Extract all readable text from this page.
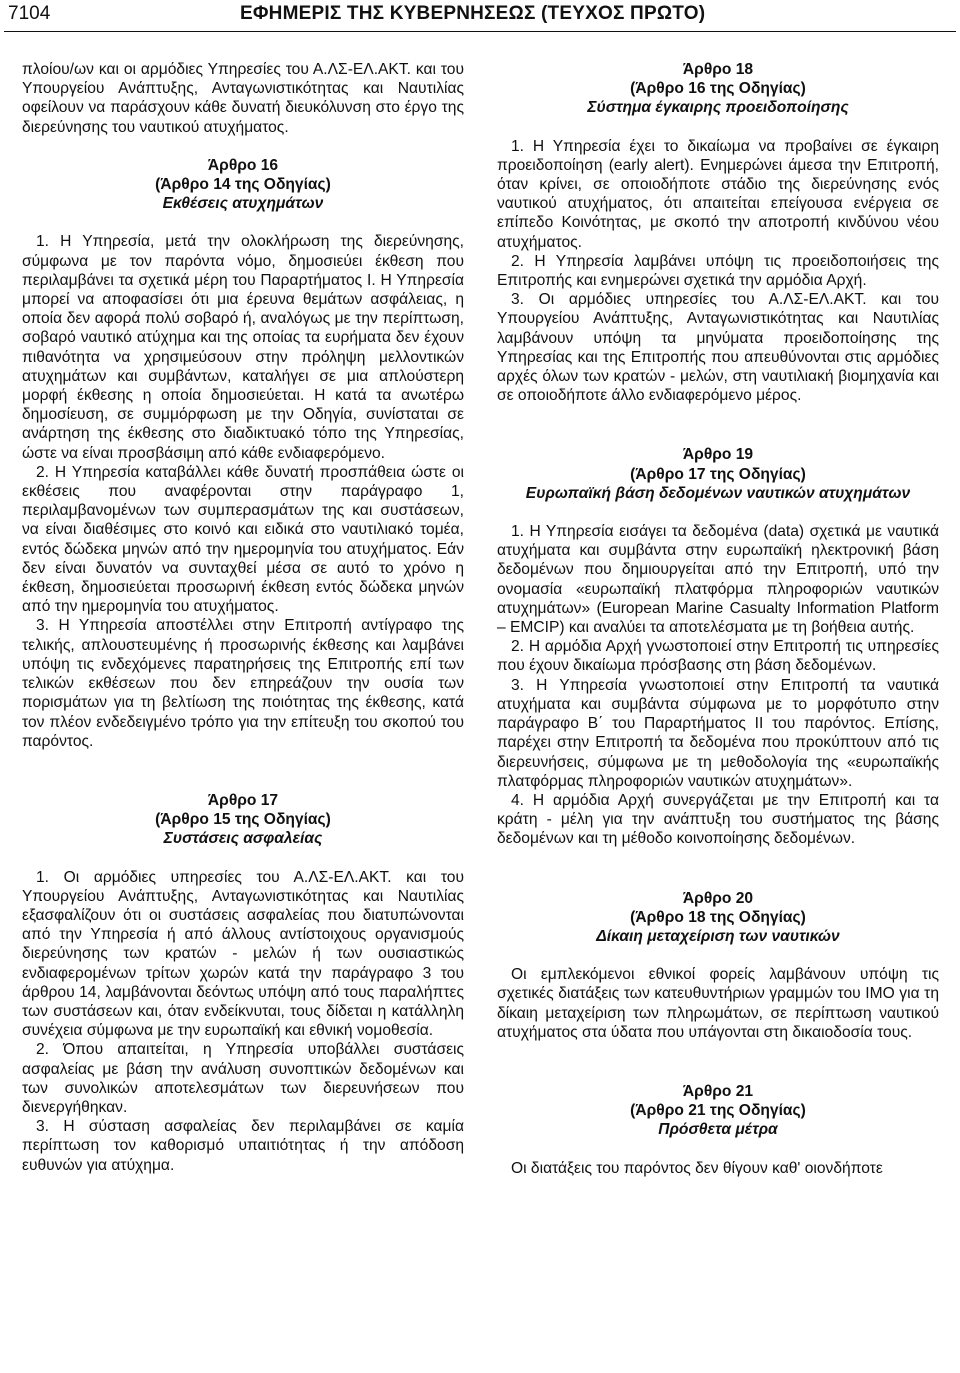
7104	ΕΦΗΜΕΡΙΣ ΤΗΣ ΚΥΒΕΡΝΗΣΕΩΣ (ΤΕΥΧΟΣ ΠΡΩΤΟ)

πλοίου/ων και οι αρμόδιες Υπηρεσίες του Α.ΛΣ-ΕΛ.ΑΚΤ. και του Υπουργείου Ανάπτυξης, Ανταγωνιστικότητας και Ναυτιλίας οφείλουν να παράσχουν κάθε δυνατή διευκόλυνση στο έργο της διερεύνησης του ναυτικού ατυχήματος.

Άρθρο 16
(Άρθρο 14 της Οδηγίας)
Εκθέσεις ατυχημάτων

1. Η Υπηρεσία, μετά την ολοκλήρωση της διερεύνησης, σύμφωνα με τον παρόντα νόμο, δημοσιεύει έκθεση που περιλαμβάνει τα σχετικά μέρη του Παραρτήματος Ι. Η Υπηρεσία μπορεί να αποφασίσει ότι μια έρευνα θεμάτων ασφάλειας, η οποία δεν αφορά πολύ σοβαρό ή, αναλόγως με την περίπτωση, σοβαρό ναυτικό ατύχημα και της οποίας τα ευρήματα δεν έχουν πιθανότητα να χρησιμεύσουν στην πρόληψη μελλοντικών ατυχημάτων και συμβάντων, καταλήγει σε μια απλούστερη μορφή έκθεσης η οποία δημοσιεύεται. Η κατά τα ανωτέρω δημοσίευση, σε συμμόρφωση με την Οδηγία, συνίσταται σε ανάρτηση της έκθεσης στο διαδικτυακό τόπο της Υπηρεσίας, ώστε να είναι προσβάσιμη από κάθε ενδιαφερόμενο.

2. Η Υπηρεσία καταβάλλει κάθε δυνατή προσπάθεια ώστε οι εκθέσεις που αναφέρονται στην παράγραφο 1, περιλαμβανομένων των συμπερασμάτων της και συστάσεων, να είναι διαθέσιμες στο κοινό και ειδικά στο ναυτιλιακό τομέα, εντός δώδεκα μηνών από την ημερομηνία του ατυχήματος. Εάν δεν είναι δυνατόν να συνταχθεί μέσα σε αυτό το χρόνο η έκθεση, δημοσιεύεται προσωρινή έκθεση εντός δώδεκα μηνών από την ημερομηνία του ατυχήματος.

3. Η Υπηρεσία αποστέλλει στην Επιτροπή αντίγραφο της τελικής, απλουστευμένης ή προσωρινής έκθεσης και λαμβάνει υπόψη τις ενδεχόμενες παρατηρήσεις της Επιτροπής επί των τελικών εκθέσεων που δεν επηρεάζουν την ουσία των πορισμάτων για τη βελτίωση της ποιότητας της έκθεσης, κατά τον πλέον ενδεδειγμένο τρόπο για την επίτευξη του σκοπού του παρόντος.

Άρθρο 17
(Άρθρο 15 της Οδηγίας)
Συστάσεις ασφαλείας

1. Οι αρμόδιες υπηρεσίες του Α.ΛΣ-ΕΛ.ΑΚΤ. και του Υπουργείου Ανάπτυξης, Ανταγωνιστικότητας και Ναυτιλίας εξασφαλίζουν ότι οι συστάσεις ασφαλείας που διατυπώνονται από την Υπηρεσία ή από άλλους αντίστοιχους οργανισμούς διερεύνησης των κρατών - μελών ή των ουσιαστικώς ενδιαφερομένων τρίτων χωρών κατά την παράγραφο 3 του άρθρου 14, λαμβάνονται δεόντως υπόψη από τους παραλήπτες των συστάσεων και, όταν ενδείκνυται, τους δίδεται η κατάλληλη συνέχεια σύμφωνα με την ευρωπαϊκή και εθνική νομοθεσία.

2. Όπου απαιτείται, η Υπηρεσία υποβάλλει συστάσεις ασφαλείας με βάση την ανάλυση συνοπτικών δεδομένων και των συνολικών αποτελεσμάτων των διερευνήσεων που διενεργήθηκαν.

3. Η σύσταση ασφαλείας δεν περιλαμβάνει σε καμία περίπτωση τον καθορισμό υπαιτιότητας ή την απόδοση ευθυνών για ατύχημα.

Άρθρο 18
(Άρθρο 16 της Οδηγίας)
Σύστημα έγκαιρης προειδοποίησης

1. Η Υπηρεσία έχει το δικαίωμα να προβαίνει σε έγκαιρη προειδοποίηση (early alert). Ενημερώνει άμεσα την Επιτροπή, όταν κρίνει, σε οποιοδήποτε στάδιο της διερεύνησης ενός ναυτικού ατυχήματος, ότι απαιτείται επείγουσα ενέργεια σε επίπεδο Κοινότητας, με σκοπό την αποτροπή κινδύνου νέου ατυχήματος.

2. Η Υπηρεσία λαμβάνει υπόψη τις προειδοποιήσεις της Επιτροπής και ενημερώνει σχετικά την αρμόδια Αρχή.

3. Οι αρμόδιες υπηρεσίες του Α.ΛΣ-ΕΛ.ΑΚΤ. και του Υπουργείου Ανάπτυξης, Ανταγωνιστικότητας και Ναυτιλίας λαμβάνουν υπόψη τα μηνύματα προειδοποίησης της Υπηρεσίας και της Επιτροπής που απευθύνονται στις αρμόδιες αρχές όλων των κρατών - μελών, στη ναυτιλιακή βιομηχανία και σε οποιοδήποτε άλλο ενδιαφερόμενο μέρος.

Άρθρο 19
(Άρθρο 17 της Οδηγίας)
Ευρωπαϊκή βάση δεδομένων ναυτικών ατυχημάτων

1. Η Υπηρεσία εισάγει τα δεδομένα (data) σχετικά με ναυτικά ατυχήματα και συμβάντα στην ευρωπαϊκή ηλεκτρονική βάση δεδομένων που δημιουργείται από την Επιτροπή, υπό την ονομασία «ευρωπαϊκή πλατφόρμα πληροφοριών ναυτικών ατυχημάτων» (European Marine Casualty Information Platform – EMCIP) και αναλύει τα αποτελέσματα με τη βοήθεια αυτής.

2. Η αρμόδια Αρχή γνωστοποιεί στην Επιτροπή τις υπηρεσίες που έχουν δικαίωμα πρόσβασης στη βάση δεδομένων.

3. Η Υπηρεσία γνωστοποιεί στην Επιτροπή τα ναυτικά ατυχήματα και συμβάντα σύμφωνα με το μορφότυπο στην παράγραφο Β΄ του Παραρτήματος ΙΙ του παρόντος. Επίσης, παρέχει στην Επιτροπή τα δεδομένα που προκύπτουν από τις διερευνήσεις, σύμφωνα με τη μεθοδολογία της «ευρωπαϊκής πλατφόρμας πληροφοριών ναυτικών ατυχημάτων».

4. Η αρμόδια Αρχή συνεργάζεται με την Επιτροπή και τα κράτη - μέλη για την ανάπτυξη του συστήματος της βάσης δεδομένων και τη μέθοδο κοινοποίησης δεδομένων.

Άρθρο 20
(Άρθρο 18 της Οδηγίας)
Δίκαιη μεταχείριση των ναυτικών

Οι εμπλεκόμενοι εθνικοί φορείς λαμβάνουν υπόψη τις σχετικές διατάξεις των κατευθυντήριων γραμμών του ΙΜΟ για τη δίκαιη μεταχείριση των πληρωμάτων, σε περίπτωση ναυτικού ατυχήματος στα ύδατα που υπάγονται στη δικαιοδοσία τους.

Άρθρο 21
(Άρθρο 21 της Οδηγίας)
Πρόσθετα μέτρα

Οι διατάξεις του παρόντος δεν θίγουν καθ' οιονδήποτε
